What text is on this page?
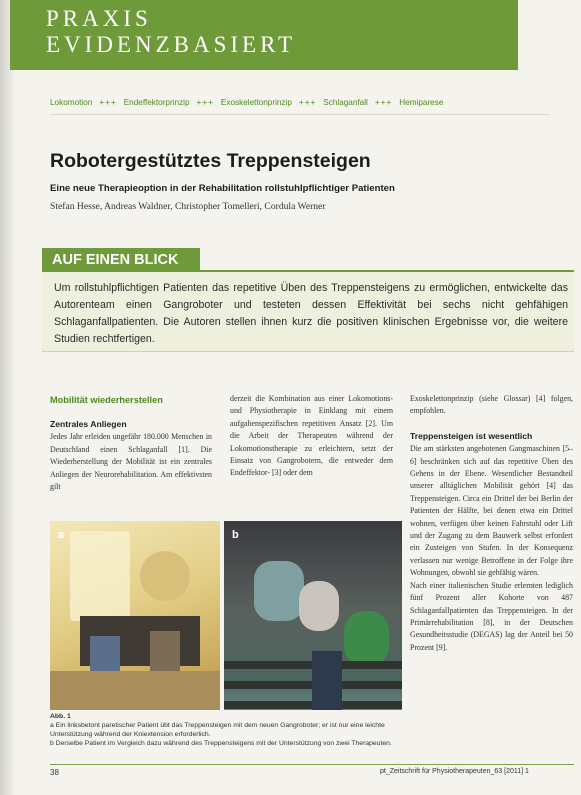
PRAXIS
EVIDENZBASIERT
Lokomotion +++ Endeffektorprinzip +++ Exoskelettonprinzip +++ Schlaganfall +++ Hemiparese
Robotergestütztes Treppensteigen
Eine neue Therapieoption in der Rehabilitation rollstuhlpflichtiger Patienten
Stefan Hesse, Andreas Waldner, Christopher Tomelleri, Cordula Werner
AUF EINEN BLICK

Um rollstuhlpflichtigen Patienten das repetitive Üben des Treppensteigens zu ermöglichen, entwickelte das Autorenteam einen Gangroboter und testeten dessen Effektivität bei sechs nicht gehfähigen Schlaganfallpatienten. Die Autoren stellen ihnen kurz die positiven klinischen Ergebnisse vor, die weitere Studien rechtfertigen.

Mobilität wiederherstellen
Zentrales Anliegen
Jedes Jahr erleiden ungefähr 180.000 Menschen in Deutschland einen Schlaganfall [1]. Die Wiederherstellung der Mobilität ist ein zentrales Anliegen der Neurorehabilitation. Am effektivsten gilt
derzeit die Kombination aus einer Lokomotions- und Physiotherapie in Einklang mit einem aufgabenspezifischen repetitiven Ansatz [2]. Um die Arbeit der Therapeuten während der Lokomotionstherapie zu erleichtern, setzt der Einsatz von Gangrobotern, die entweder dem Endeffektor- [3] oder dem
Exoskelettonprinzip (siehe Glossar) [4] folgen, empfohlen.
Treppensteigen ist wesentlich
Die am stärksten angebotenen Gangmaschinen [5–6] beschränken sich auf das repetitive Üben des Gehens in der Ebene. Wesentlicher Bestandteil unserer alltäglichen Mobilität gehört [4] das Treppensteigen. Circa ein Drittel der bei Berlin der Patienten der Hälfte, bei denen etwa ein Drittel wohnen, verfügen über keinen Fahrstuhl oder Lift und der Zugang zu dem Bauwerk selbst erfordert ein Zusteigen von Stufen. In der Konsequenz verlassen nur wenige Betroffene in der Folge ihre Wohnungen, obwohl sie gehfähig wären.
Nach einer italienischen Studie erlernten lediglich fünf Prozent aller Kohorte von 487 Schlaganfallpatienten das Treppensteigen. In der Primärrehabilitation [8], in der Deutschen Gesundheitsstudie (DEGAS) lag der Anteil bei 50 Prozent [9].
a	b
Abb. 1
a Ein linksbetont paretischer Patient übt das Treppensteigen mit dem neuen Gangroboter; er ist nur eine leichte Unterstützung während der Kniextension erforderlich.
b Derselbe Patient im Vergleich dazu während des Treppensteigens mit der Unterstützung von zwei Therapeuten.
38	pt_Zeitschrift für Physiotherapeuten_63 [2011] 1
